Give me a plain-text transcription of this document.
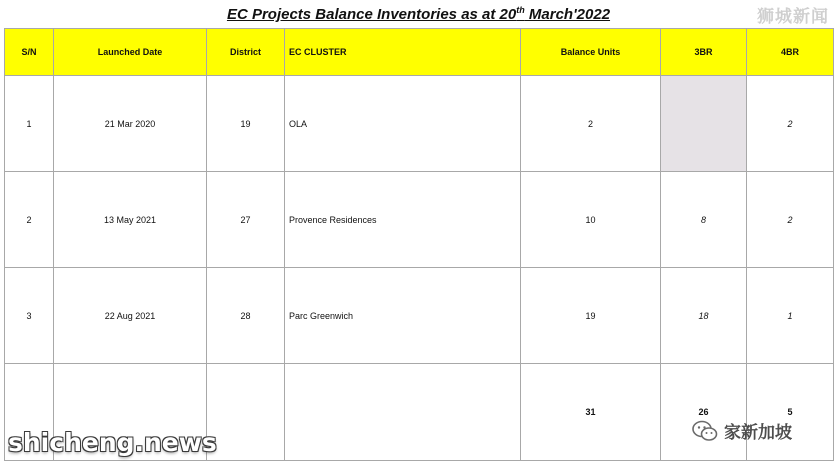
EC Projects Balance Inventories as at 20th March'2022	狮城新闻
S/N	Launched Date	District	EC CLUSTER	Balance Units	3BR	4BR
1	21 Mar 2020	19	OLA	2		2
2	13 May 2021	27	Provence Residences	10	8	2
3	22 Aug 2021	28	Parc Greenwich	19	18	1
				31	26	5
shicheng.news	家新加坡
